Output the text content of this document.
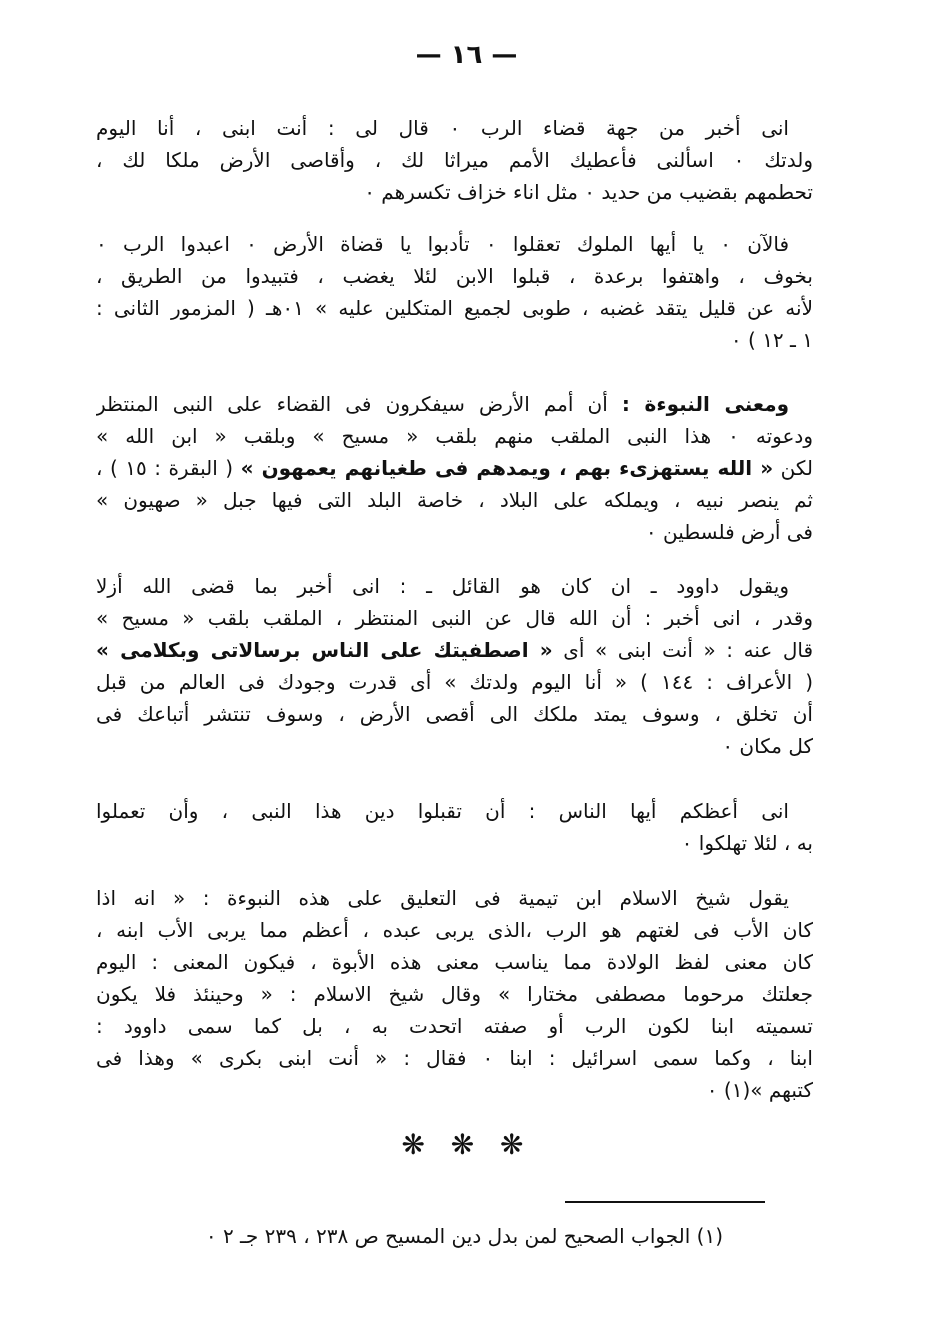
— ١٦ —
انى أخبر من جهة قضاء الرب ٠ قال لى : أنت ابنى ، أنا اليوم
ولدتك ٠ اسألنى فأعطيك الأمم ميراثا لك ، وأقاصى الأرض ملكا لك ،
تحطمهم بقضيب من حديد ٠ مثل اناء خزاف تكسرهم ٠
فالآن ٠ يا أيها الملوك تعقلوا ٠ تأدبوا يا قضاة الأرض ٠ اعبدوا الرب ٠
بخوف ، واهتفوا برعدة ، قبلوا الابن لئلا يغضب ، فتبيدوا من الطريق ،
لأنه عن قليل يتقد غضبه ، طوبى لجميع المتكلين عليه » ٠١هـ ( المزمور الثانى :
١ ـ ١٢ ) ٠
ومعنى النبوءة : أن أمم الأرض سيفكرون فى القضاء على النبى المنتظر
ودعوته ٠ هذا النبى الملقب منهم بلقب « مسيح » وبلقب « ابن الله »
لكن « الله يستهزىء بهم ، ويمدهم فى طغيانهم يعمهون » ( البقرة : ١٥ ) ،
ثم ينصر نبيه ، ويملكه على البلاد ، خاصة البلد التى فيها جبل « صهيون »
فى أرض فلسطين ٠
ويقول داوود ـ ان كان هو القائل ـ : انى أخبر بما قضى الله أزلا
وقدر ، انى أخبر : أن الله قال عن النبى المنتظر ، الملقب بلقب « مسيح »
قال عنه : « أنت ابنى » أى « اصطفيتك على الناس برسالاتى وبكلامى »
( الأعراف : ١٤٤ ) « أنا اليوم ولدتك » أى قدرت وجودك فى العالم من قبل
أن تخلق ، وسوف يمتد ملكك الى أقصى الأرض ، وسوف تنتشر أتباعك فى
كل مكان ٠
انى أعظكم أيها الناس : أن تقبلوا دين هذا النبى ، وأن تعملوا
به ، لئلا تهلكوا ٠
يقول شيخ الاسلام ابن تيمية فى التعليق على هذه النبوءة : « انه اذا
كان الأب فى لغتهم هو الرب ،الذى يربى عبده ، أعظم مما يربى الأب ابنه ،
كان معنى لفظ الولادة مما يناسب معنى هذه الأبوة ، فيكون المعنى : اليوم
جعلتك مرحوما مصطفى مختارا » وقال شيخ الاسلام : « وحينئذ فلا يكون
تسميته ابنا لكون الرب أو صفته اتحدت به ، بل كما سمى داوود :
ابنا ، وكما سمى اسرائيل : ابنا ٠ فقال : « أنت ابنى بكرى » وهذا فى
كتبهم »(١) ٠
❋ ❋ ❋
(١) الجواب الصحيح لمن بدل دين المسيح ص ٢٣٨ ، ٢٣٩ جـ ٢ ٠
